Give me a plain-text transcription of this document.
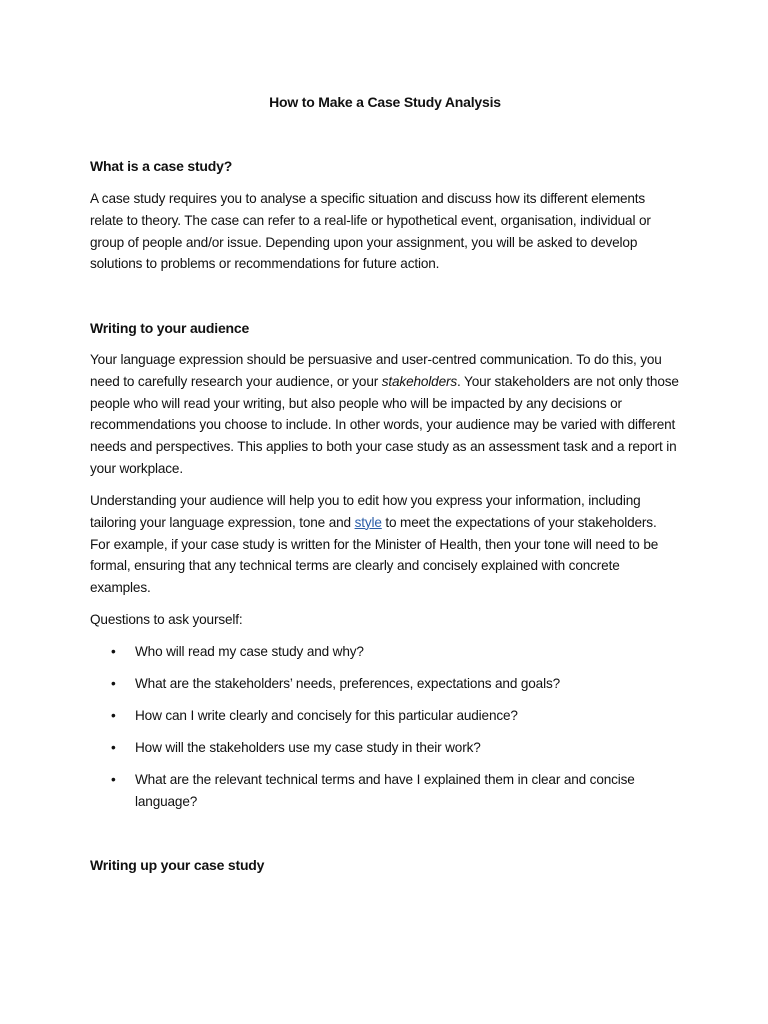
How to Make a Case Study Analysis
What is a case study?

A case study requires you to analyse a specific situation and discuss how its different elements relate to theory. The case can refer to a real-life or hypothetical event, organisation, individual or group of people and/or issue. Depending upon your assignment, you will be asked to develop solutions to problems or recommendations for future action.

Writing to your audience

Your language expression should be persuasive and user-centred communication. To do this, you need to carefully research your audience, or your stakeholders. Your stakeholders are not only those people who will read your writing, but also people who will be impacted by any decisions or recommendations you choose to include. In other words, your audience may be varied with different needs and perspectives. This applies to both your case study as an assessment task and a report in your workplace.

Understanding your audience will help you to edit how you express your information, including tailoring your language expression, tone and style to meet the expectations of your stakeholders. For example, if your case study is written for the Minister of Health, then your tone will need to be formal, ensuring that any technical terms are clearly and concisely explained with concrete examples.

Questions to ask yourself:

• Who will read my case study and why?
• What are the stakeholders’ needs, preferences, expectations and goals?
• How can I write clearly and concisely for this particular audience?
• How will the stakeholders use my case study in their work?
• What are the relevant technical terms and have I explained them in clear and concise language?
Writing up your case study
